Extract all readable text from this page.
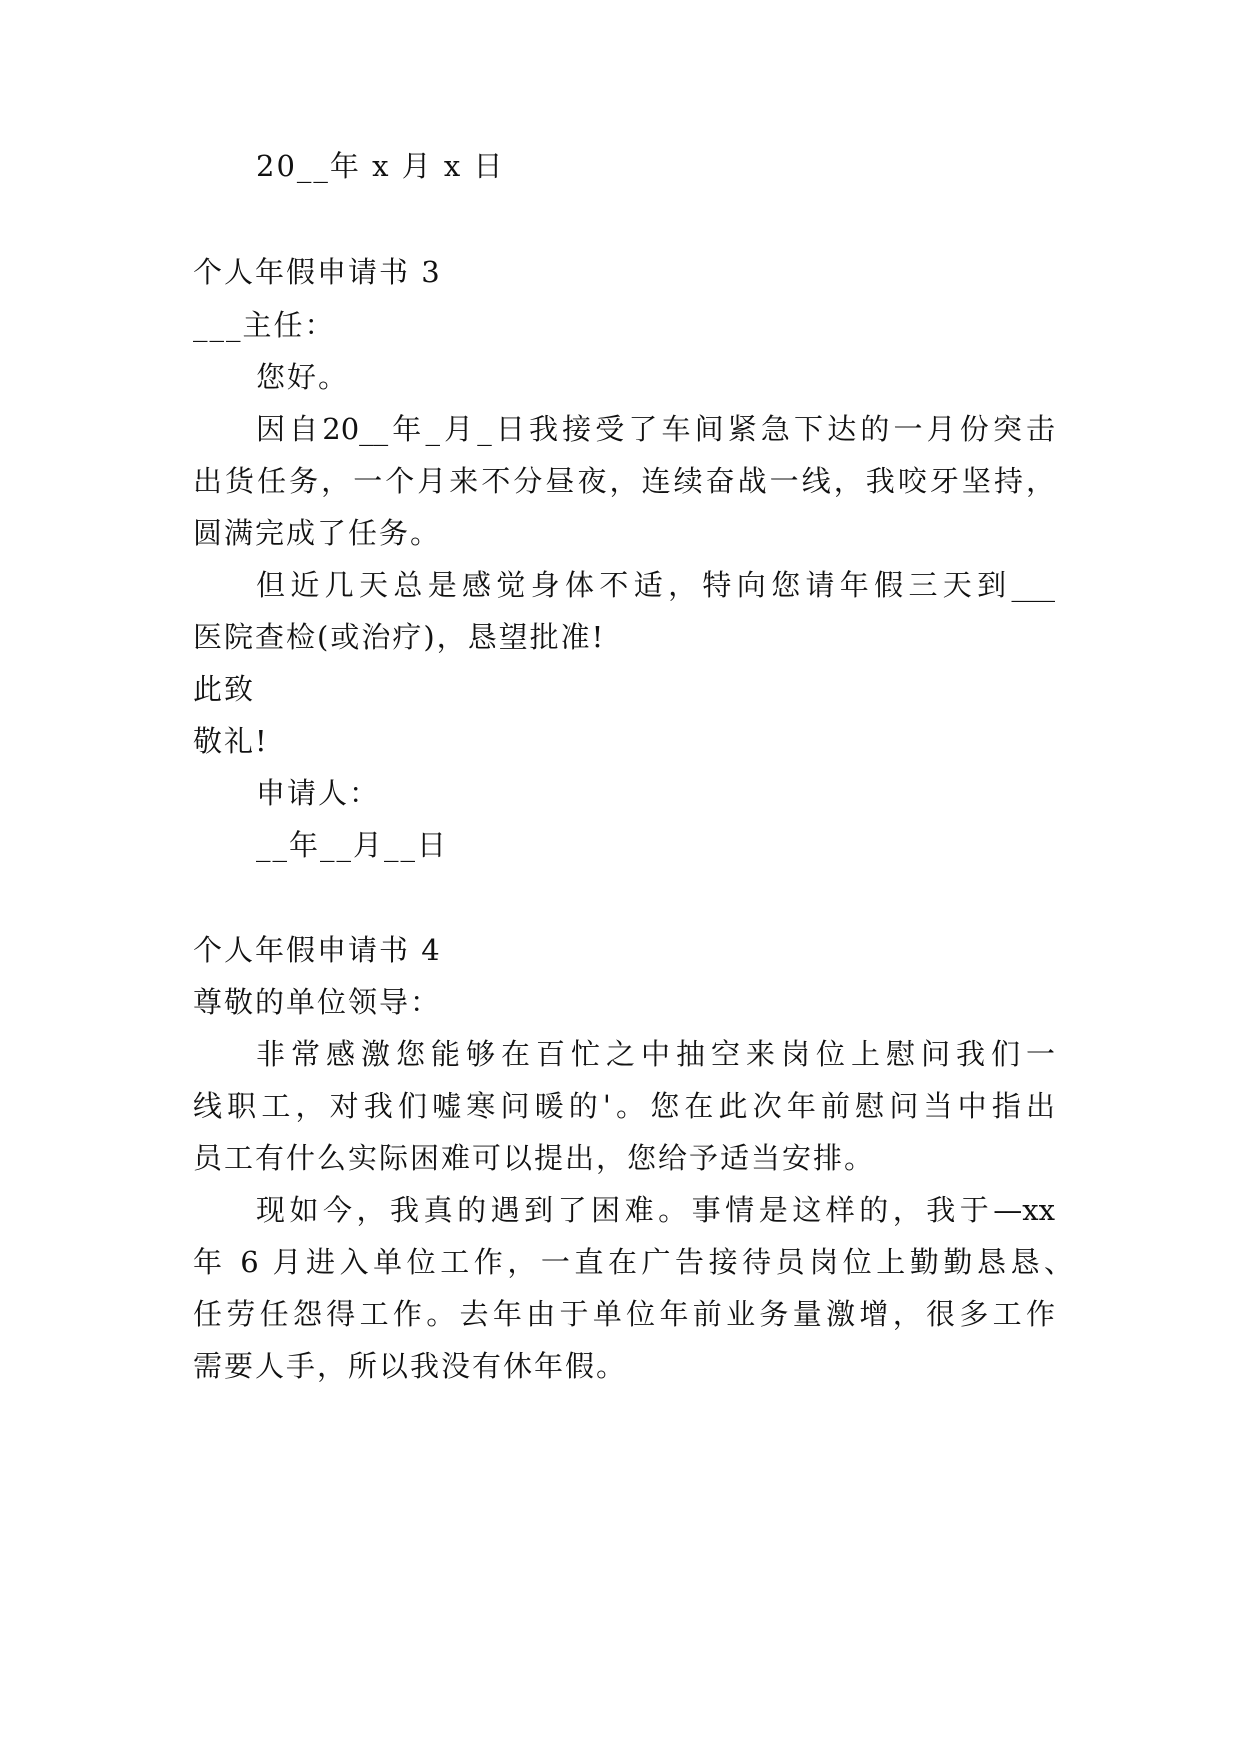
20__年 x 月 x 日
个人年假申请书 3
___主任：
您好。
因自20__年_月_日我接受了车间紧急下达的一月份突击
出货任务，一个月来不分昼夜，连续奋战一线，我咬牙坚持，
圆满完成了任务。
但近几天总是感觉身体不适，特向您请年假三天到___
医院查检(或治疗)，恳望批准!
此致
敬礼!
申请人：
__年__月__日
个人年假申请书 4
尊敬的单位领导：
非常感激您能够在百忙之中抽空来岗位上慰问我们一
线职工，对我们嘘寒问暖的'。您在此次年前慰问当中指出
员工有什么实际困难可以提出，您给予适当安排。
现如今，我真的遇到了困难。事情是这样的，我于—xx
年 6 月进入单位工作，一直在广告接待员岗位上勤勤恳恳、
任劳任怨得工作。去年由于单位年前业务量激增，很多工作
需要人手，所以我没有休年假。
